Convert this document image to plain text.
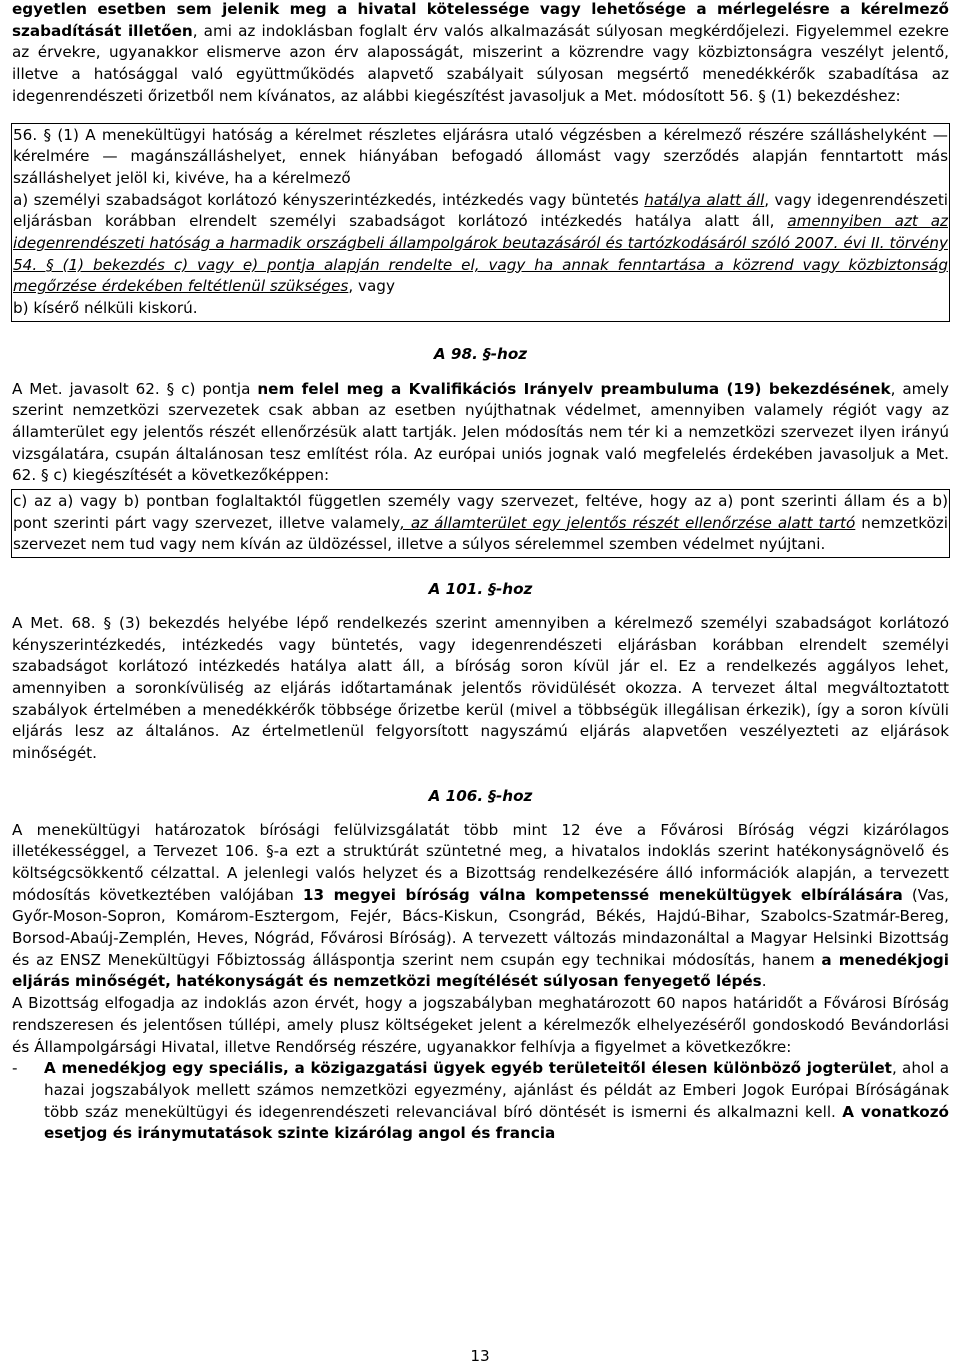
egyetlen esetben sem jelenik meg a hivatal kötelessége vagy lehetősége a mérlegelésre a kérelmező szabadítását illetően, ami az indoklásban foglalt érv valós alkalmazását súlyosan megkérdőjelezi. Figyelemmel ezekre az érvekre, ugyanakkor elismerve azon érv alaposságát, miszerint a közrendre vagy közbiztonságra veszélyt jelentő, illetve a hatósággal való együttműködés alapvető szabályait súlyosan megsértő menedékkérők szabadítása az idegenrendészeti őrizetből nem kívánatos, az alábbi kiegészítést javasoljuk a Met. módosított 56. § (1) bekezdéshez:

56. § (1) A menekültügyi hatóság a kérelmet részletes eljárásra utaló végzésben a kérelmező részére szálláshelyként — kérelmére — magánszálláshelyet, ennek hiányában befogadó állomást vagy szerződés alapján fenntartott más szálláshelyet jelöl ki, kivéve, ha a kérelmező

a) személyi szabadságot korlátozó kényszerintézkedés, intézkedés vagy büntetés hatálya alatt áll, vagy idegenrendészeti eljárásban korábban elrendelt személyi szabadságot korlátozó intézkedés hatálya alatt áll, amennyiben azt az idegenrendészeti hatóság a harmadik országbeli állampolgárok beutazásáról és tartózkodásáról szóló 2007. évi II. törvény 54. § (1) bekezdés c) vagy e) pontja alapján rendelte el, vagy ha annak fenntartása a közrend vagy közbiztonság megőrzése érdekében feltétlenül szükséges, vagy

b) kísérő nélküli kiskorú.

A 98. §-hoz

A Met. javasolt 62. § c) pontja nem felel meg a Kvalifikációs Irányelv preambuluma (19) bekezdésének, amely szerint nemzetközi szervezetek csak abban az esetben nyújthatnak védelmet, amennyiben valamely régiót vagy az államterület egy jelentős részét ellenőrzésük alatt tartják. Jelen módosítás nem tér ki a nemzetközi szervezet ilyen irányú vizsgálatára, csupán általánosan tesz említést róla. Az európai uniós jognak való megfelelés érdekében javasoljuk a Met. 62. § c) kiegészítését a következőképpen:

c) az a) vagy b) pontban foglaltaktól független személy vagy szervezet, feltéve, hogy az a) pont szerinti állam és a b) pont szerinti párt vagy szervezet, illetve valamely, az államterület egy jelentős részét ellenőrzése alatt tartó nemzetközi szervezet nem tud vagy nem kíván az üldözéssel, illetve a súlyos sérelemmel szemben védelmet nyújtani.

A 101. §-hoz

A Met. 68. § (3) bekezdés helyébe lépő rendelkezés szerint amennyiben a kérelmező személyi szabadságot korlátozó kényszerintézkedés, intézkedés vagy büntetés, vagy idegenrendészeti eljárásban korábban elrendelt személyi szabadságot korlátozó intézkedés hatálya alatt áll, a bíróság soron kívül jár el. Ez a rendelkezés aggályos lehet, amennyiben a soronkívüliség az eljárás időtartamának jelentős rövidülését okozza. A tervezet által megváltoztatott szabályok értelmében a menedékkérők többsége őrizetbe kerül (mivel a többségük illegálisan érkezik), így a soron kívüli eljárás lesz az általános. Az értelmetlenül felgyorsított nagyszámú eljárás alapvetően veszélyezteti az eljárások minőségét.

A 106. §-hoz

A menekültügyi határozatok bírósági felülvizsgálatát több mint 12 éve a Fővárosi Bíróság végzi kizárólagos illetékességgel, a Tervezet 106. §-a ezt a struktúrát szüntetné meg, a hivatalos indoklás szerint hatékonyságnövelő és költségcsökkentő célzattal. A jelenlegi valós helyzet és a Bizottság rendelkezésére álló információk alapján, a tervezett módosítás következtében valójában 13 megyei bíróság válna kompetenssé menekültügyek elbírálására (Vas, Győr-Moson-Sopron, Komárom-Esztergom, Fejér, Bács-Kiskun, Csongrád, Békés, Hajdú-Bihar, Szabolcs-Szatmár-Bereg, Borsod-Abaúj-Zemplén, Heves, Nógrád, Fővárosi Bíróság). A tervezett változás mindazonáltal a Magyar Helsinki Bizottság és az ENSZ Menekültügyi Főbiztosság álláspontja szerint nem csupán egy technikai módosítás, hanem a menedékjogi eljárás minőségét, hatékonyságát és nemzetközi megítélését súlyosan fenyegető lépés.

A Bizottság elfogadja az indoklás azon érvét, hogy a jogszabályban meghatározott 60 napos határidőt a Fővárosi Bíróság rendszeresen és jelentősen túllépi, amely plusz költségeket jelent a kérelmezők elhelyezéséről gondoskodó Bevándorlási és Állampolgársági Hivatal, illetve Rendőrség részére, ugyanakkor felhívja a figyelmet a következőkre:

-	A menedékjog egy speciális, a közigazgatási ügyek egyéb területeitől élesen különböző jogterület, ahol a hazai jogszabályok mellett számos nemzetközi egyezmény, ajánlást és példát az Emberi Jogok Európai Bíróságának több száz menekültügyi és idegenrendészeti relevanciával bíró döntését is ismerni és alkalmazni kell. A vonatkozó esetjog és iránymutatások szinte kizárólag angol és francia

13
